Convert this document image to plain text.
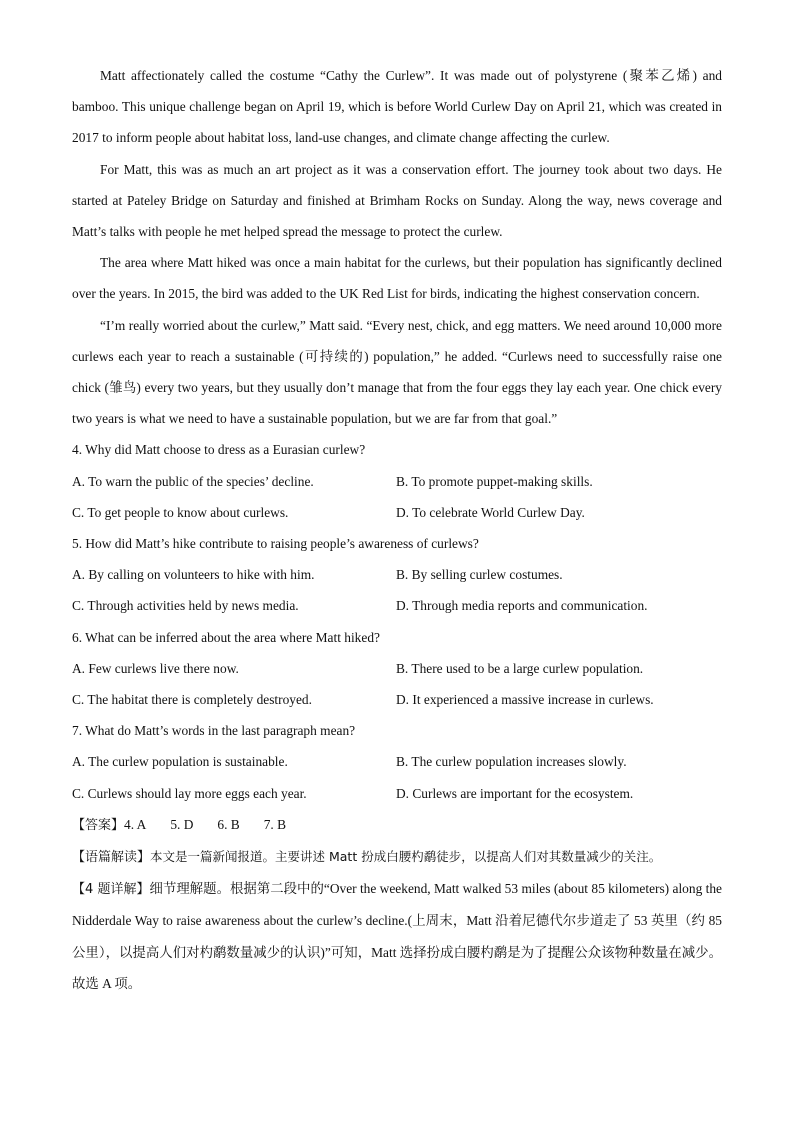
Matt affectionately called the costume “Cathy the Curlew”. It was made out of polystyrene (聚苯乙烯) and bamboo. This unique challenge began on April 19, which is before World Curlew Day on April 21, which was created in 2017 to inform people about habitat loss, land-use changes, and climate change affecting the curlew.

For Matt, this was as much an art project as it was a conservation effort. The journey took about two days. He started at Pateley Bridge on Saturday and finished at Brimham Rocks on Sunday. Along the way, news coverage and Matt’s talks with people he met helped spread the message to protect the curlew.

The area where Matt hiked was once a main habitat for the curlews, but their population has significantly declined over the years. In 2015, the bird was added to the UK Red List for birds, indicating the highest conservation concern.

“I’m really worried about the curlew,” Matt said. “Every nest, chick, and egg matters. We need around 10,000 more curlews each year to reach a sustainable (可持续的) population,” he added. “Curlews need to successfully raise one chick (雏鸟) every two years, but they usually don’t manage that from the four eggs they lay each year. One chick every two years is what we need to have a sustainable population, but we are far from that goal.”

4. Why did Matt choose to dress as a Eurasian curlew?

A. To warn the public of the species’ decline.	B. To promote puppet-making skills.

C. To get people to know about curlews.	D. To celebrate World Curlew Day.

5. How did Matt’s hike contribute to raising people’s awareness of curlews?

A. By calling on volunteers to hike with him.	B. By selling curlew costumes.

C. Through activities held by news media.	D. Through media reports and communication.

6. What can be inferred about the area where Matt hiked?

A. Few curlews live there now.	B. There used to be a large curlew population.

C. The habitat there is completely destroyed.	D. It experienced a massive increase in curlews.

7. What do Matt’s words in the last paragraph mean?

A. The curlew population is sustainable.	B. The curlew population increases slowly.

C. Curlews should lay more eggs each year.	D. Curlews are important for the ecosystem.

【答案】4. A 5. D 6. B 7. B

【语篇解读】本文是一篇新闻报道。主要讲述 Matt 扮成白腰杓鹬徒步，以提高人们对其数量减少的关注。

【4 题详解】细节理解题。根据第二段中的“Over the weekend, Matt walked 53 miles (about 85 kilometers) along the Nidderdale Way to raise awareness about the curlew’s decline.(上周末，Matt 沿着尼德代尔步道走了 53 英里（约 85 公里），以提高人们对杓鹬数量减少的认识)”可知，Matt 选择扮成白腰杓鹬是为了提醒公众该物种数量在减少。故选 A 项。
